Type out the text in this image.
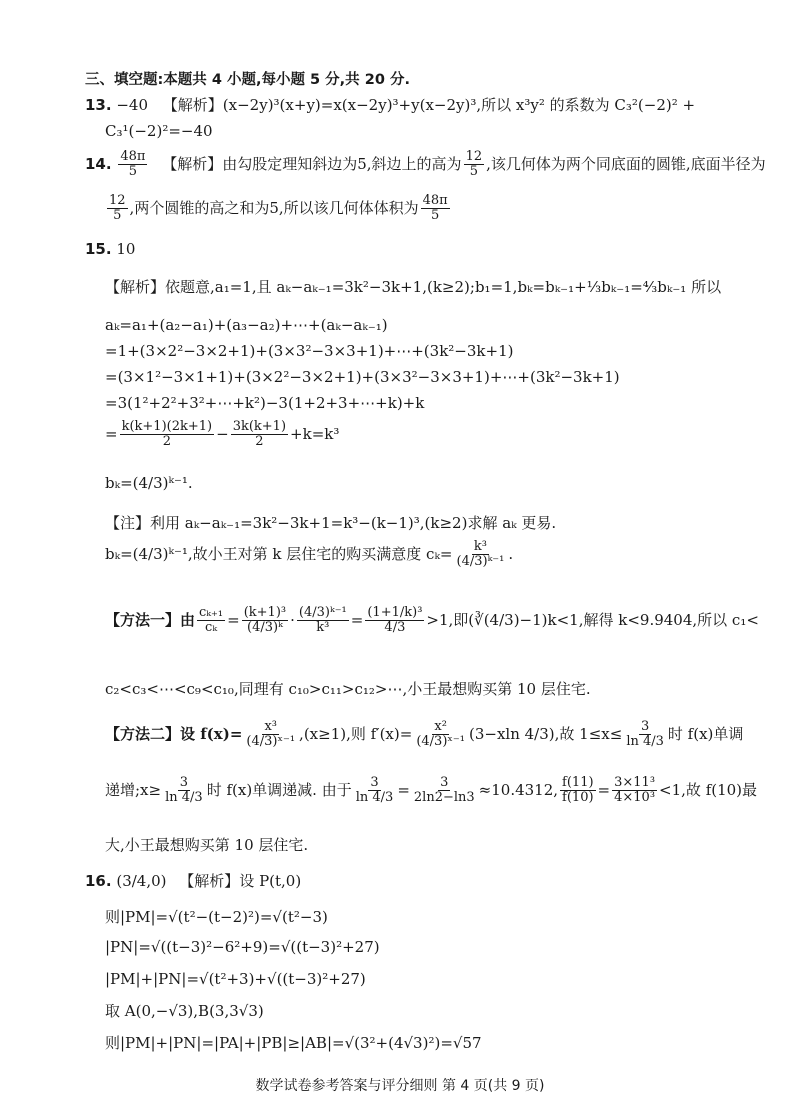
三、填空题:本题共 4 小题,每小题 5 分,共 20 分.
13. −40 【解析】(x−2y)³(x+y)=x(x−2y)³+y(x−2y)³,所以 x³y² 的系数为 C₃²(−2)² +
C₃¹(−2)²=−40
14. $\frac{48\pi}{5}$ 【解析】由勾股定理知斜边为5,斜边上的高为 $\frac{12}{5}$ ,该几何体为两个同底面的圆锥,底面半径为
$\frac{12}{5}$ ,两个圆锥的高之和为5,所以该几何体体积为 $\frac{48\pi}{5}$
15. 10
【解析】依题意,a₁=1,且 aₖ−aₖ₋₁=3k²−3k+1,(k≥2);b₁=1,bₖ=bₖ₋₁+⅓bₖ₋₁=⁴⁄₃bₖ₋₁ 所以
aₖ=a₁+(a₂−a₁)+(a₃−a₂)+⋯+(aₖ−aₖ₋₁)
=1+(3×2²−3×2+1)+(3×3²−3×3+1)+⋯+(3k²−3k+1)
=(3×1²−3×1+1)+(3×2²−3×2+1)+(3×3²−3×3+1)+⋯+(3k²−3k+1)
=3(1²+2²+3²+⋯+k²)−3(1+2+3+⋯+k)+k
= $\frac{k(k+1)(2k+1)}{2} - \frac{3k(k+1)}{2} +k=k^3$
bₖ=(4/3)ᵏ⁻¹.
【注】利用 aₖ−aₖ₋₁=3k²−3k+1=k³−(k−1)³,(k≥2)求解 aₖ 更易.
bₖ=(4/3)ᵏ⁻¹,故小王对第 k 层住宅的购买满意度 $c_k= \frac{\text{k³}}{\text{(4/3)ᵏ⁻¹}}$ .
【方法一】由 $\frac{\text{cₖ₊₁}}{\text{cₖ}} = \frac{\text{(k+1)³}}{\text{(4/3)ᵏ}} \cdot \frac{\text{(4/3)ᵏ⁻¹}}{\text{k³}} = \frac{\text{(1+1/k)³}}{4/3} >1$,即(∛(4/3)−1)k<1,解得 k<9.9404,所以 c₁<
c₂<c₃<⋯<c₉<c₁₀,同理有 c₁₀>c₁₁>c₁₂>⋯,小王最想购买第 10 层住宅.
【方法二】设 $f(x)= \frac{\text{x³}}{\text{(4/3)ˣ⁻¹}} ,(x\ge 1)$,则 $f'(x)= \frac{\text{x²}}{\text{(4/3)ˣ⁻¹}} (3-xln$ 4/3),故 $1\le x\le \frac{3}{\ln 4/3}$ 时 f(x)单调
递增;x≥ $\frac{3}{\ln 4/3}$ 时 f(x)单调递减. 由于 $\frac{3}{\ln 4/3} = \frac{3}{2\ln 2-\ln 3} \approx 10.4312$, $\frac{f(11)}{f(10)} = \frac{\text{3×11³}}{\text{4×10³}} <1$,故 f(10)最
大,小王最想购买第 10 层住宅.
16. (3/4,0) 【解析】设 P(t,0)
则|PM|=√(t²−(t−2)²)=√(t²−3)
|PN|=√((t−3)²−6²+9)=√((t−3)²+27)
|PM|+|PN|=√(t²+3)+√((t−3)²+27)
取 A(0,−√3),B(3,3√3)
则|PM|+|PN|=|PA|+|PB|≥|AB|=√(3²+(4√3)²)=√57
数学试卷参考答案与评分细则 第 4 页(共 9 页)
